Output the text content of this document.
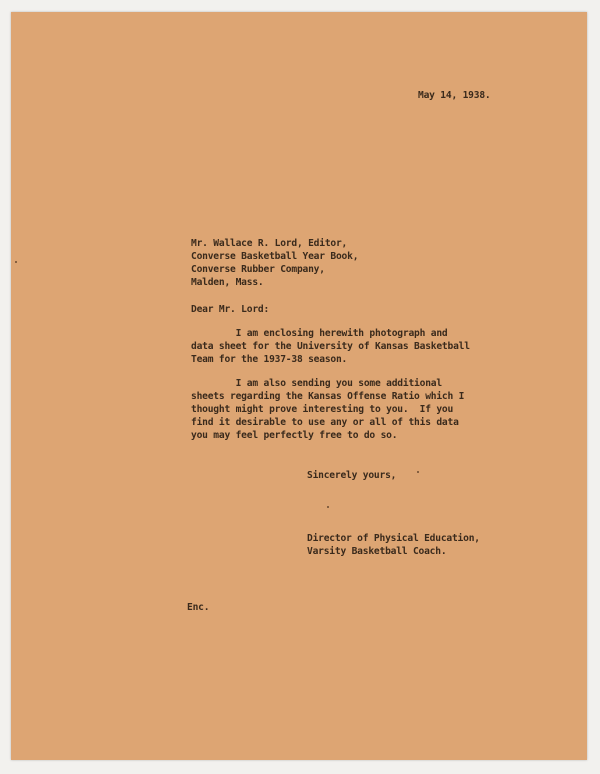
May 14, 1938.
Mr. Wallace R. Lord, Editor,
Converse Basketball Year Book,
Converse Rubber Company,
Malden, Mass.
Dear Mr. Lord:
I am enclosing herewith photograph and
data sheet for the University of Kansas Basketball
Team for the 1937-38 season.
I am also sending you some additional
sheets regarding the Kansas Offense Ratio which I
thought might prove interesting to you.  If you
find it desirable to use any or all of this data
you may feel perfectly free to do so.
Sincerely yours,
Director of Physical Education,
Varsity Basketball Coach.
Enc.
